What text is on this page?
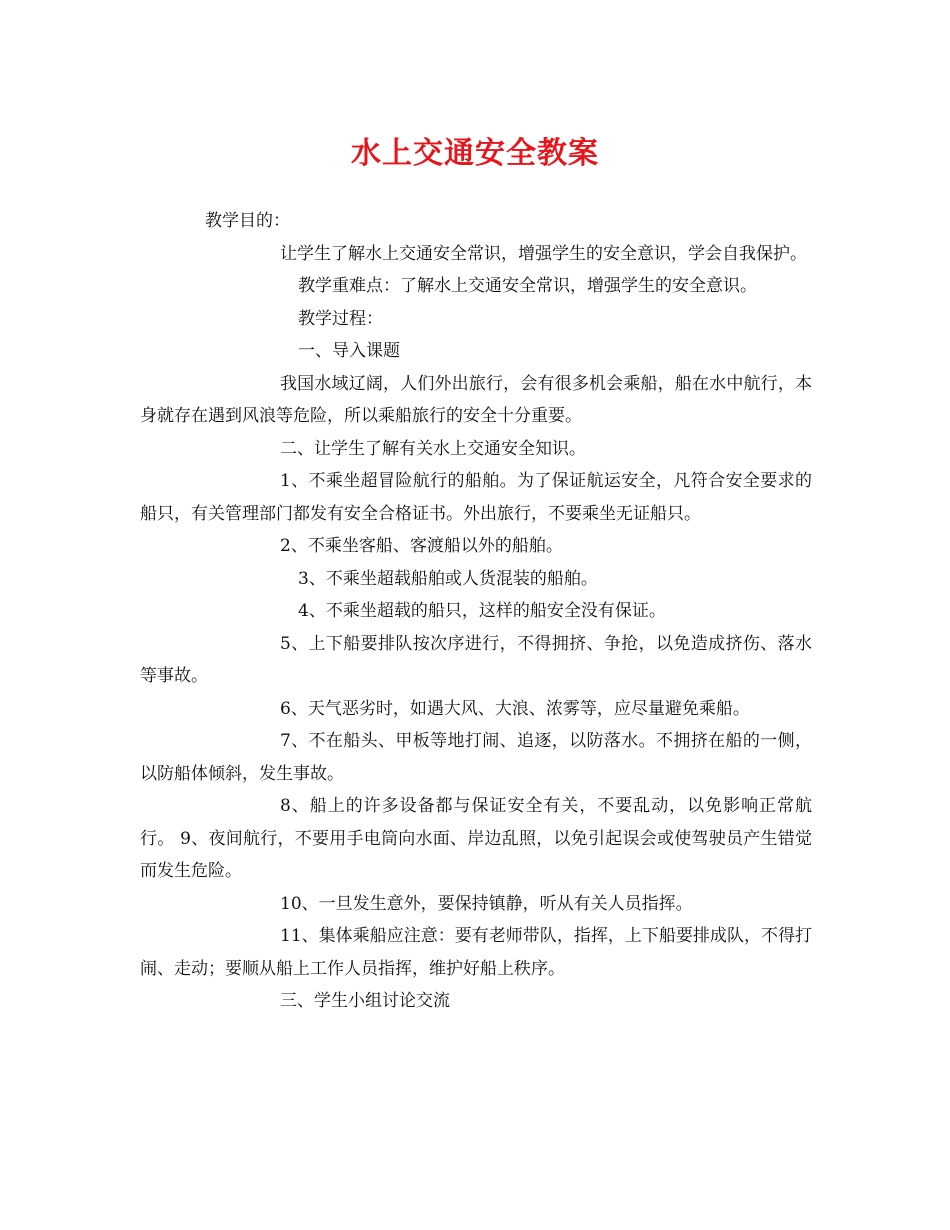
水上交通安全教案

教学目的：

让学生了解水上交通安全常识，增强学生的安全意识，学会自我保护。

教学重难点：了解水上交通安全常识，增强学生的安全意识。

教学过程：

一、导入课题

我国水域辽阔，人们外出旅行，会有很多机会乘船，船在水中航行，本身就存在遇到风浪等危险，所以乘船旅行的安全十分重要。

二、让学生了解有关水上交通安全知识。

1、不乘坐超冒险航行的船舶。为了保证航运安全，凡符合安全要求的船只，有关管理部门都发有安全合格证书。外出旅行，不要乘坐无证船只。

2、不乘坐客船、客渡船以外的船舶。

3、不乘坐超载船舶或人货混装的船舶。

4、不乘坐超载的船只，这样的船安全没有保证。

5、上下船要排队按次序进行，不得拥挤、争抢，以免造成挤伤、落水等事故。

6、天气恶劣时，如遇大风、大浪、浓雾等，应尽量避免乘船。

7、不在船头、甲板等地打闹、追逐，以防落水。不拥挤在船的一侧，以防船体倾斜，发生事故。

8、船上的许多设备都与保证安全有关，不要乱动，以免影响正常航行。 9、夜间航行，不要用手电筒向水面、岸边乱照，以免引起误会或使驾驶员产生错觉而发生危险。

10、一旦发生意外，要保持镇静，听从有关人员指挥。

11、集体乘船应注意：要有老师带队，指挥，上下船要排成队，不得打闹、走动；要顺从船上工作人员指挥，维护好船上秩序。

三、学生小组讨论交流
